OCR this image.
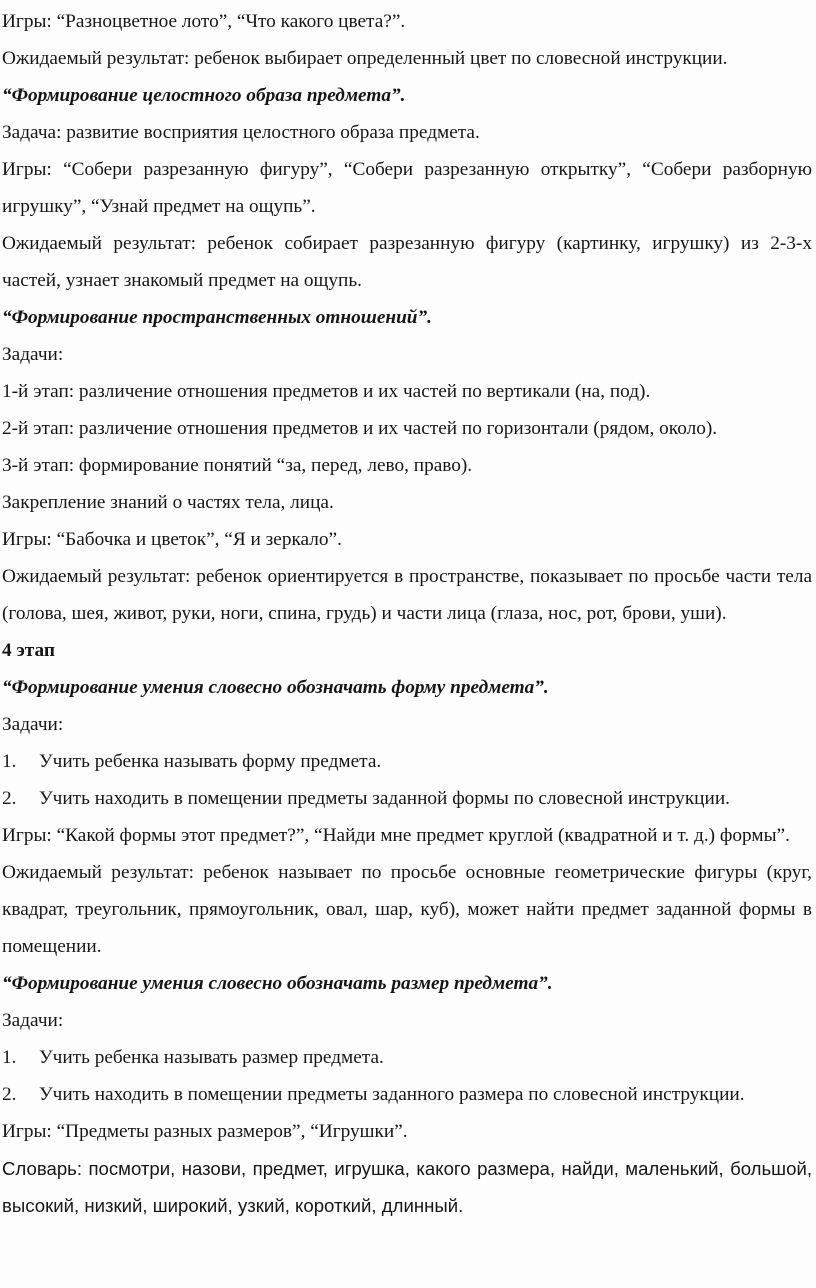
Игры: “Разноцветное лото”, “Что какого цвета?”.

Ожидаемый результат: ребенок выбирает определенный цвет по словесной инструкции.

“Формирование целостного образа предмета”.

Задача: развитие восприятия целостного образа предмета.

Игры: “Собери разрезанную фигуру”, “Собери разрезанную открытку”, “Собери разборную игрушку”, “Узнай предмет на ощупь”.

Ожидаемый результат: ребенок собирает разрезанную фигуру (картинку, игрушку) из 2-3-х частей, узнает знакомый предмет на ощупь.

“Формирование пространственных отношений”.

Задачи:

1-й этап: различение отношения предметов и их частей по вертикали (на, под).

2-й этап: различение отношения предметов и их частей по горизонтали (рядом, около).

3-й этап: формирование понятий “за, перед, лево, право).

Закрепление знаний о частях тела, лица.

Игры: “Бабочка и цветок”, “Я и зеркало”.

Ожидаемый результат: ребенок ориентируется в пространстве, показывает по просьбе части тела (голова, шея, живот, руки, ноги, спина, грудь) и части лица (глаза, нос, рот, брови, уши).

4 этап

“Формирование умения словесно обозначать форму предмета”.

Задачи:

1.	Учить ребенка называть форму предмета.

2.	Учить находить в помещении предметы заданной формы по словесной инструкции.

Игры: “Какой формы этот предмет?”, “Найди мне предмет круглой (квадратной и т. д.) формы”.

Ожидаемый результат: ребенок называет по просьбе основные геометрические фигуры (круг, квадрат, треугольник, прямоугольник, овал, шар, куб), может найти предмет заданной формы в помещении.

“Формирование умения словесно обозначать размер предмета”.

Задачи:

1.	Учить ребенка называть размер предмета.

2.	Учить находить в помещении предметы заданного размера по словесной инструкции.

Игры: “Предметы разных размеров”, “Игрушки”.

Словарь: посмотри, назови, предмет, игрушка, какого размера, найди, маленький, большой, высокий, низкий, широкий, узкий, короткий, длинный.
